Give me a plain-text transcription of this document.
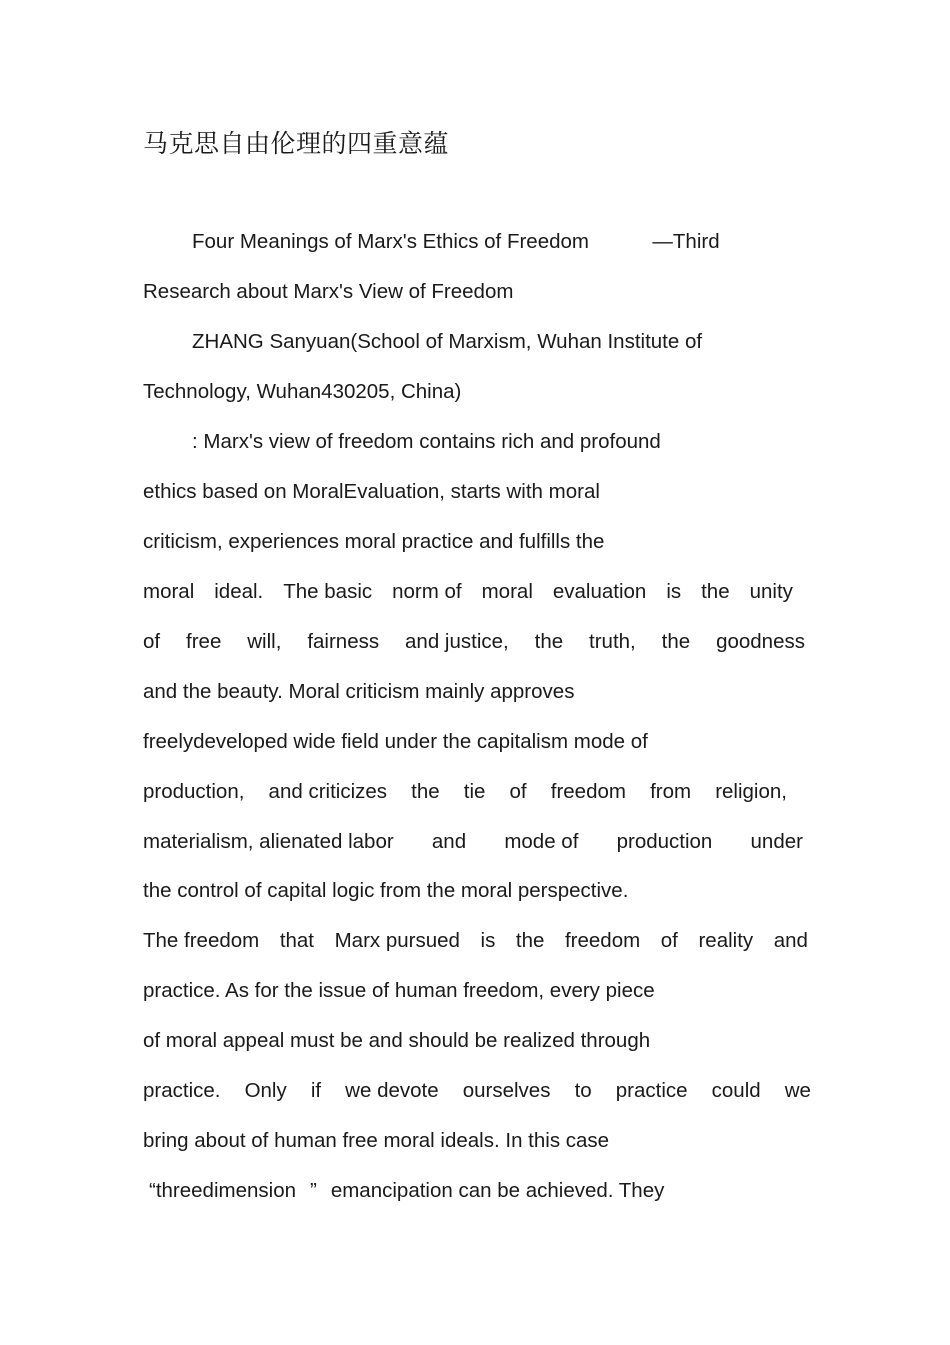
马克思自由伦理的四重意蕴

Four Meanings of Marx's Ethics of Freedom	—Third

Research about Marx's View of Freedom

ZHANG Sanyuan(School of Marxism, Wuhan Institute of

Technology, Wuhan430205, China)

: Marx's view of freedom contains rich and profound

ethics based on MoralEvaluation, starts with moral

criticism, experiences moral practice and fulfills the

moral ideal. The basic norm of moral evaluation is the unity

of free will, fairness and justice, the truth, the goodness

and the beauty. Moral criticism mainly approves

freelydeveloped wide field under the capitalism mode of

production, and criticizes the tie of freedom from religion,

materialism, alienated labor and mode of production under

the control of capital logic from the moral perspective.

The freedom that Marx pursued is the freedom of reality and

practice. As for the issue of human freedom, every piece

of moral appeal must be and should be realized through

practice. Only if we devote ourselves to practice could we

bring about of human free moral ideals. In this case

“threedimension ” emancipation can be achieved. They
